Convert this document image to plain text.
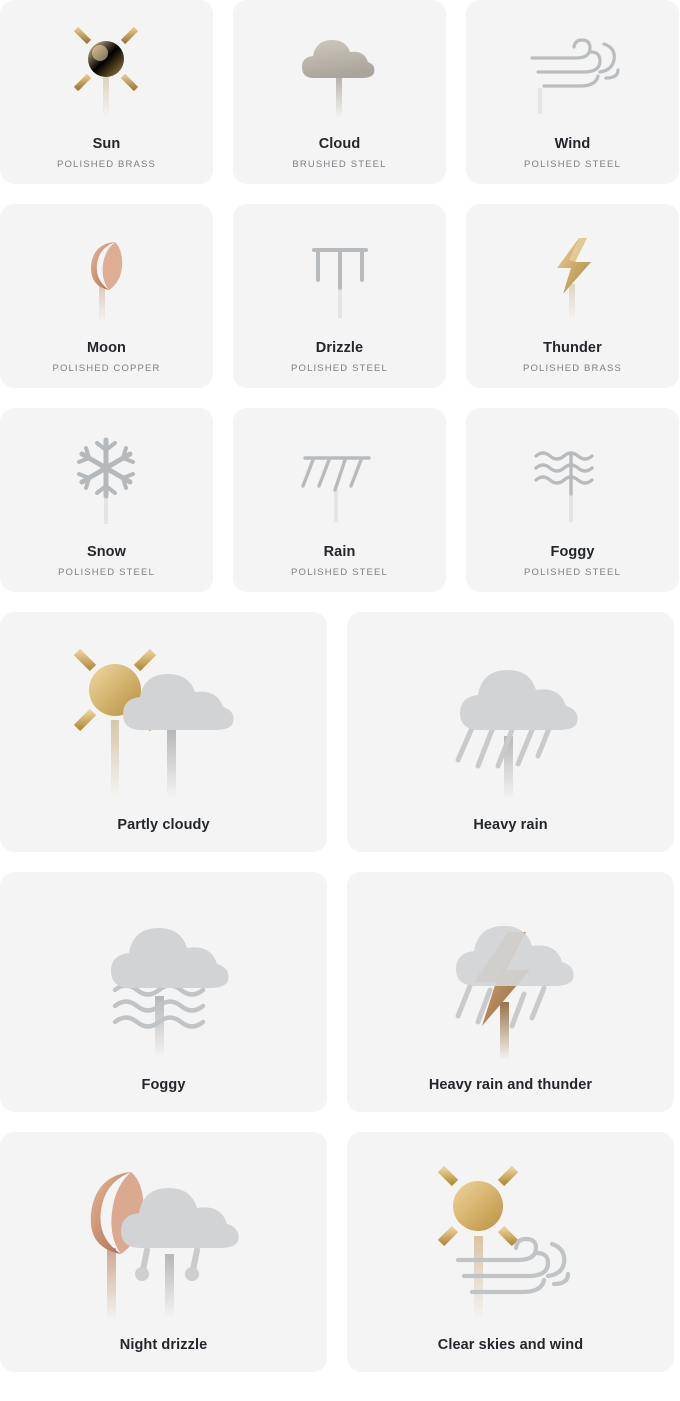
Sun
POLISHED BRASS
Cloud
BRUSHED STEEL
Wind
POLISHED STEEL
Moon
POLISHED COPPER
Drizzle
POLISHED STEEL
Thunder
POLISHED BRASS
Snow
POLISHED STEEL
Rain
POLISHED STEEL
Foggy
POLISHED STEEL
Partly cloudy	Heavy rain
Foggy	Heavy rain and thunder
Night drizzle	Clear skies and wind
